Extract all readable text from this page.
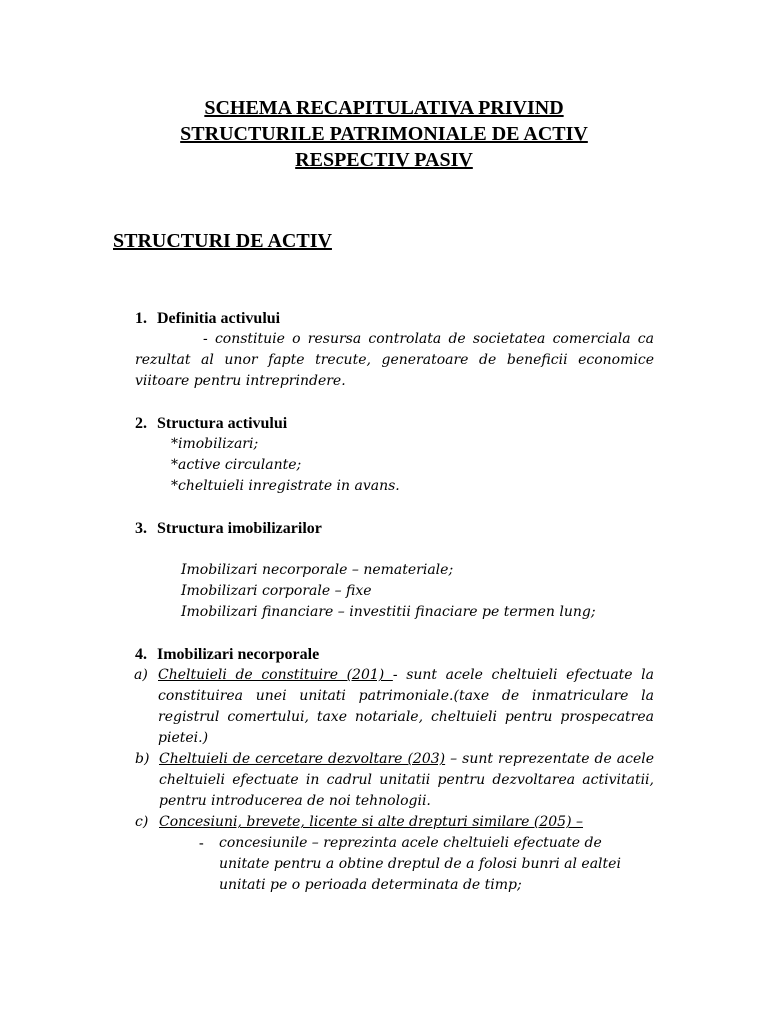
SCHEMA RECAPITULATIVA PRIVIND
STRUCTURILE PATRIMONIALE DE ACTIV
RESPECTIV PASIV
STRUCTURI DE ACTIV
1. Definitia activului
- constituie o resursa controlata de societatea comerciala ca rezultat al unor fapte trecute, generatoare de beneficii economice viitoare pentru intreprindere.
2. Structura activului
*imobilizari;
*active circulante;
*cheltuieli inregistrate in avans.
3. Structura imobilizarilor
Imobilizari necorporale – nemateriale;
Imobilizari corporale – fixe
Imobilizari financiare – investitii finaciare pe termen lung;
4. Imobilizari necorporale
a) Cheltuieli de constituire (201) - sunt acele cheltuieli efectuate la constituirea unei unitati patrimoniale.(taxe de inmatriculare la registrul comertului, taxe notariale, cheltuieli pentru prospecatrea pietei.)
b) Cheltuieli de cercetare dezvoltare (203) – sunt reprezentate de acele cheltuieli efectuate in cadrul unitatii pentru dezvoltarea activitatii, pentru introducerea de noi tehnologii.
c) Concesiuni, brevete, licente si alte drepturi similare (205) –
-	concesiunile – reprezinta acele cheltuieli efectuate de unitate pentru a obtine dreptul de a folosi bunri al ealtei unitati pe o perioada determinata de timp;
